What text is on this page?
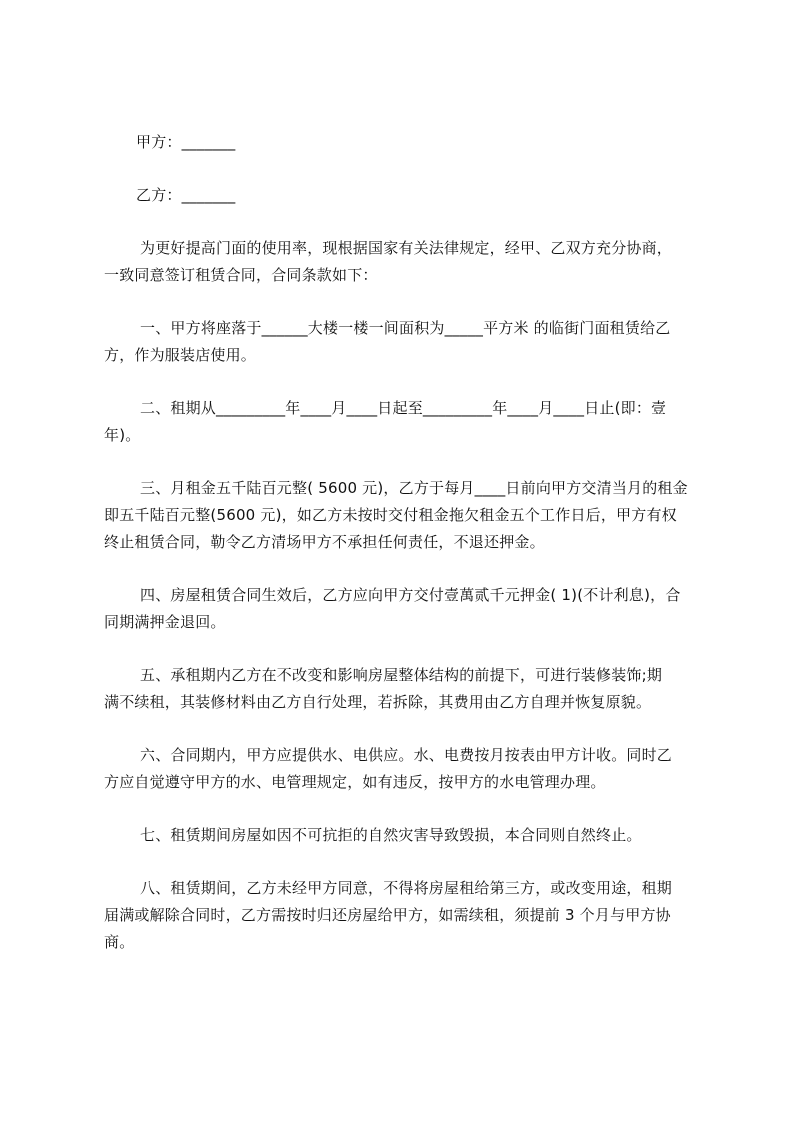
甲方：_______
乙方：_______
为更好提高门面的使用率，现根据国家有关法律规定，经甲、乙双方充分协商，
一致同意签订租赁合同，合同条款如下：
一、甲方将座落于______大楼一楼一间面积为_____平方米 的临街门面租赁给乙
方，作为服装店使用。
二、租期从_________年____月____日起至_________年____月____日止(即：壹
年)。
三、月租金五千陆百元整( 5600 元)，乙方于每月____日前向甲方交清当月的租金
即五千陆百元整(5600 元)，如乙方未按时交付租金拖欠租金五个工作日后，甲方有权
终止租赁合同，勒令乙方清场甲方不承担任何责任，不退还押金。
四、房屋租赁合同生效后，乙方应向甲方交付壹萬贰千元押金( 1)(不计利息)，合
同期满押金退回。
五、承租期内乙方在不改变和影响房屋整体结构的前提下，可进行装修装饰;期
满不续租，其装修材料由乙方自行处理，若拆除，其费用由乙方自理并恢复原貌。
六、合同期内，甲方应提供水、电供应。水、电费按月按表由甲方计收。同时乙
方应自觉遵守甲方的水、电管理规定，如有违反，按甲方的水电管理办理。
七、租赁期间房屋如因不可抗拒的自然灾害导致毁损，本合同则自然终止。
八、租赁期间，乙方未经甲方同意，不得将房屋租给第三方，或改变用途，租期
届满或解除合同时，乙方需按时归还房屋给甲方，如需续租，须提前 3 个月与甲方协
商。
